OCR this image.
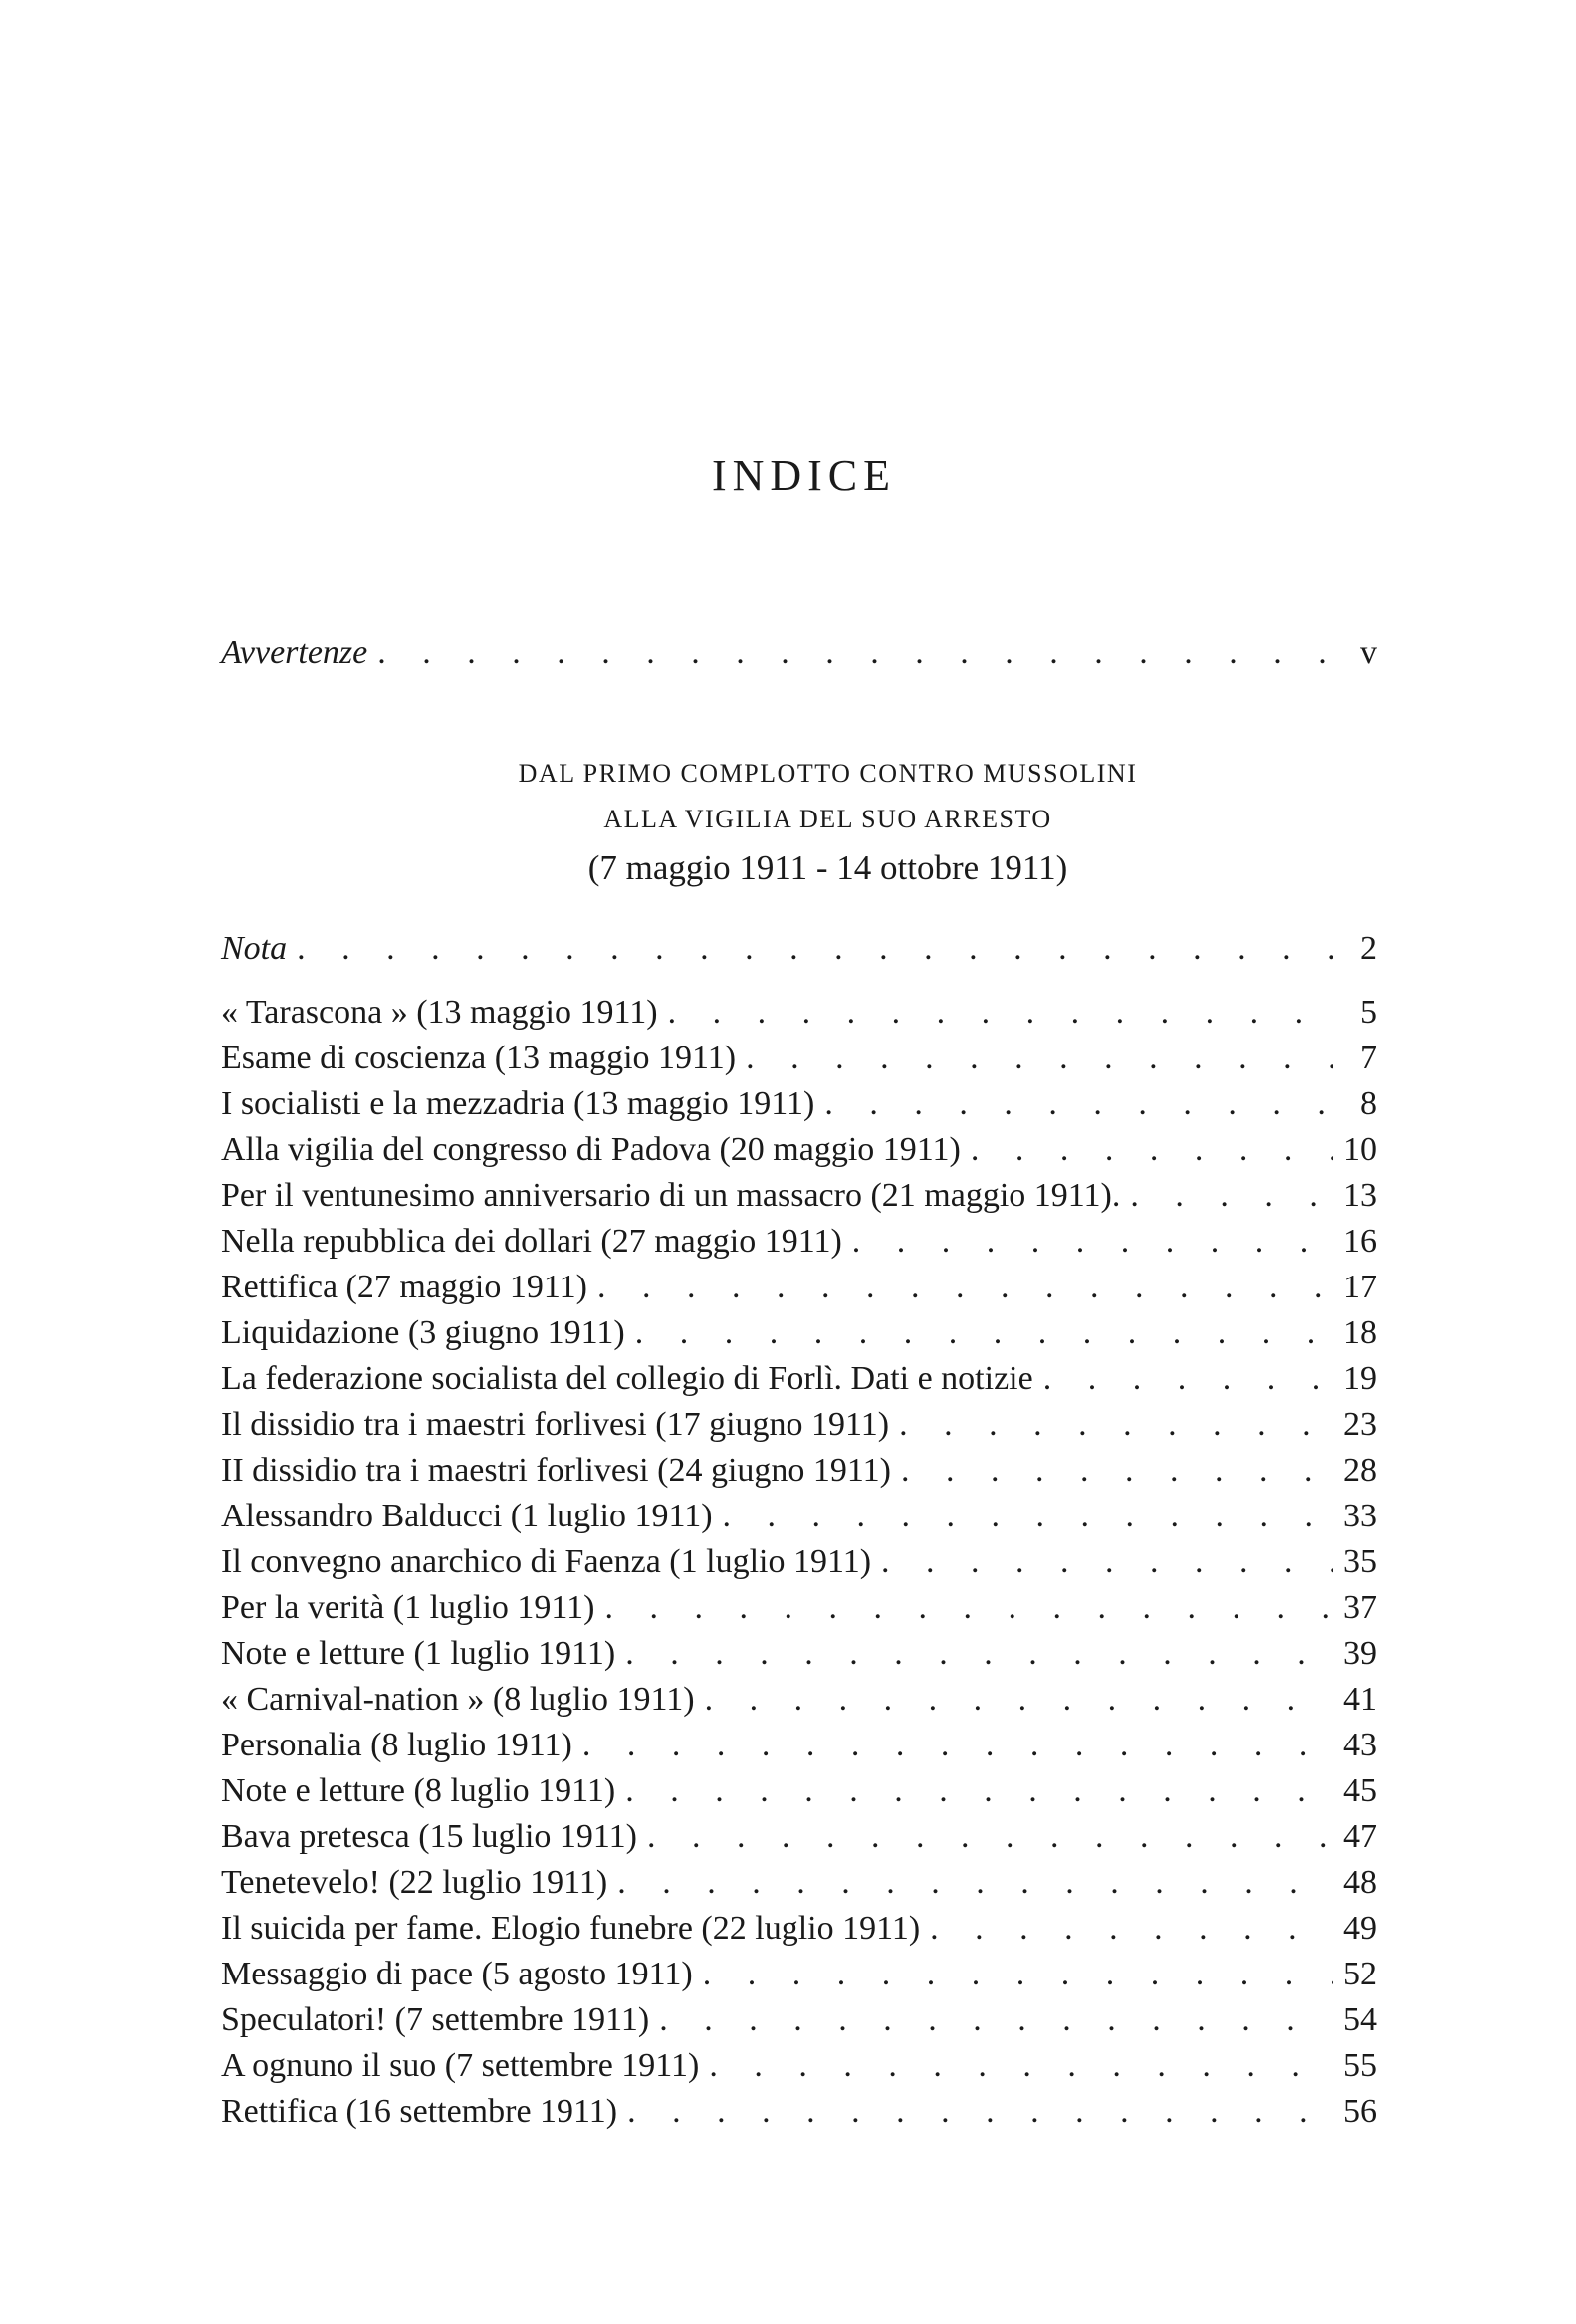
INDICE
Avvertenze . . .	v
DAL PRIMO COMPLOTTO CONTRO MUSSOLINI
ALLA VIGILIA DEL SUO ARRESTO
(7 maggio 1911 - 14 ottobre 1911)
Nota . . .	2
« Tarascona » (13 maggio 1911) . . .	5
Esame di coscienza (13 maggio 1911) . . .	7
I socialisti e la mezzadria (13 maggio 1911) . . .	8
Alla vigilia del congresso di Padova (20 maggio 1911) . . .	10
Per il ventunesimo anniversario di un massacro (21 maggio 1911). . . .	13
Nella repubblica dei dollari (27 maggio 1911) . . .	16
Rettifica (27 maggio 1911) . . .	17
Liquidazione (3 giugno 1911) . . .	18
La federazione socialista del collegio di Forlì. Dati e notizie . . .	19
Il dissidio tra i maestri forlivesi (17 giugno 1911) . . .	23
II dissidio tra i maestri forlivesi (24 giugno 1911) . . .	28
Alessandro Balducci (1 luglio 1911) . . .	33
Il convegno anarchico di Faenza (1 luglio 1911) . . .	35
Per la verità (1 luglio 1911) . . .	37
Note e letture (1 luglio 1911) . . .	39
« Carnival-nation » (8 luglio 1911) . . .	41
Personalia (8 luglio 1911) . . .	43
Note e letture (8 luglio 1911) . . .	45
Bava pretesca (15 luglio 1911) . . .	47
Tenetevelo! (22 luglio 1911) . . .	48
Il suicida per fame. Elogio funebre (22 luglio 1911) . . .	49
Messaggio di pace (5 agosto 1911) . . .	52
Speculatori! (7 settembre 1911) . . .	54
A ognuno il suo (7 settembre 1911) . . .	55
Rettifica (16 settembre 1911) . . .	56
